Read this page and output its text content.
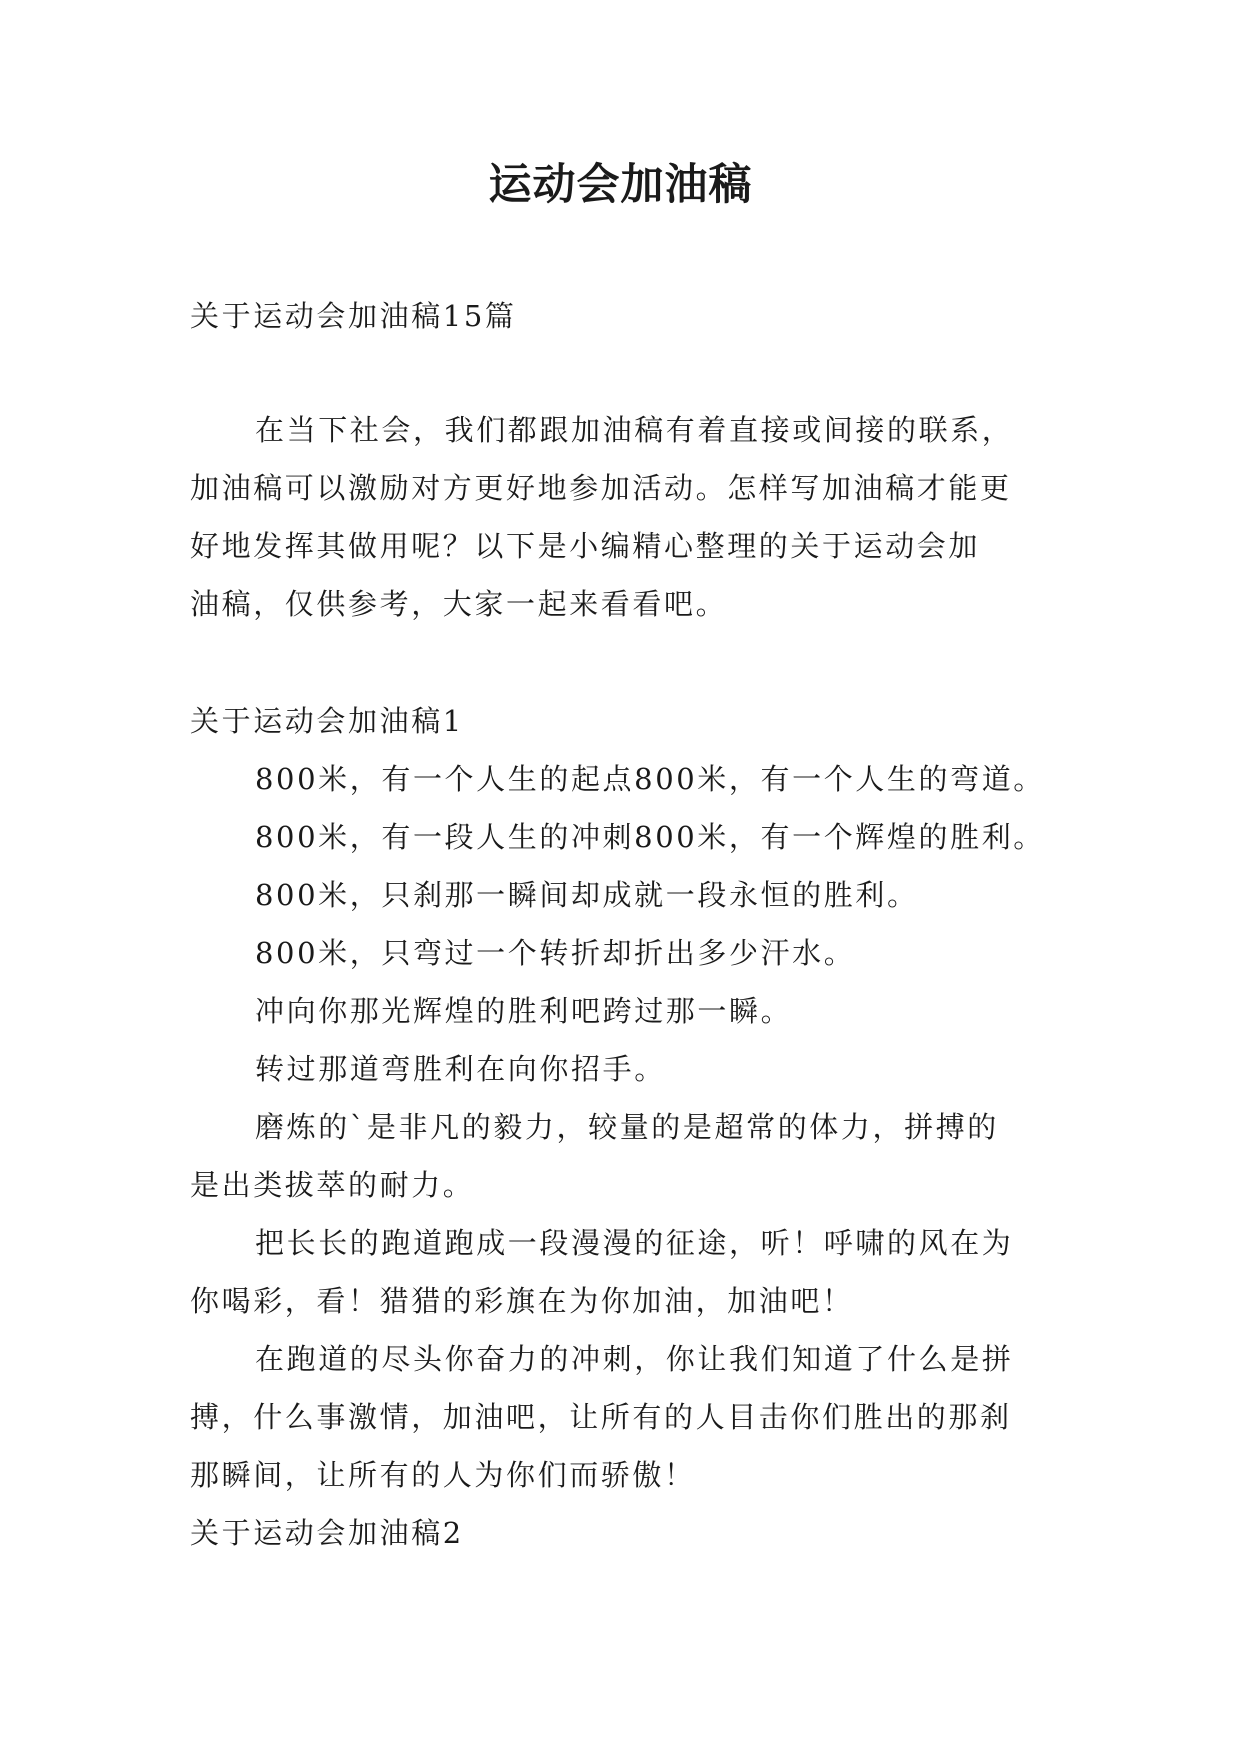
运动会加油稿
关于运动会加油稿15篇
在当下社会，我们都跟加油稿有着直接或间接的联系，
加油稿可以激励对方更好地参加活动。怎样写加油稿才能更
好地发挥其做用呢？以下是小编精心整理的关于运动会加
油稿，仅供参考，大家一起来看看吧。
关于运动会加油稿1
800米，有一个人生的起点800米，有一个人生的弯道。
800米，有一段人生的冲刺800米，有一个辉煌的胜利。
800米，只刹那一瞬间却成就一段永恒的胜利。
800米，只弯过一个转折却折出多少汗水。
冲向你那光辉煌的胜利吧跨过那一瞬。
转过那道弯胜利在向你招手。
磨炼的`是非凡的毅力，较量的是超常的体力，拼搏的
是出类拔萃的耐力。
把长长的跑道跑成一段漫漫的征途，听！呼啸的风在为
你喝彩，看！猎猎的彩旗在为你加油，加油吧！
在跑道的尽头你奋力的冲刺，你让我们知道了什么是拼
搏，什么事激情，加油吧，让所有的人目击你们胜出的那刹
那瞬间，让所有的人为你们而骄傲！
关于运动会加油稿2
